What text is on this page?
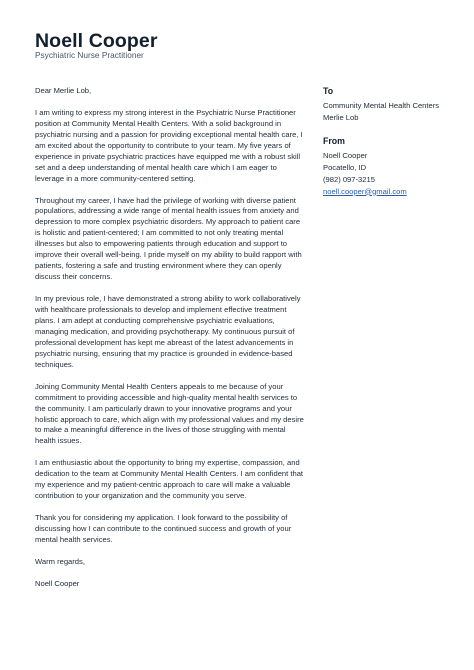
Noell Cooper
Psychiatric Nurse Practitioner

Dear Merlie Lob,

I am writing to express my strong interest in the Psychiatric Nurse Practitioner position at Community Mental Health Centers. With a solid background in psychiatric nursing and a passion for providing exceptional mental health care, I am excited about the opportunity to contribute to your team. My five years of experience in private psychiatric practices have equipped me with a robust skill set and a deep understanding of mental health care which I am eager to leverage in a more community-centered setting.

Throughout my career, I have had the privilege of working with diverse patient populations, addressing a wide range of mental health issues from anxiety and depression to more complex psychiatric disorders. My approach to patient care is holistic and patient-centered; I am committed to not only treating mental illnesses but also to empowering patients through education and support to improve their overall well-being. I pride myself on my ability to build rapport with patients, fostering a safe and trusting environment where they can openly discuss their concerns.

In my previous role, I have demonstrated a strong ability to work collaboratively with healthcare professionals to develop and implement effective treatment plans. I am adept at conducting comprehensive psychiatric evaluations, managing medication, and providing psychotherapy. My continuous pursuit of professional development has kept me abreast of the latest advancements in psychiatric nursing, ensuring that my practice is grounded in evidence-based techniques.

Joining Community Mental Health Centers appeals to me because of your commitment to providing accessible and high-quality mental health services to the community. I am particularly drawn to your innovative programs and your holistic approach to care, which align with my professional values and my desire to make a meaningful difference in the lives of those struggling with mental health issues.

I am enthusiastic about the opportunity to bring my expertise, compassion, and dedication to the team at Community Mental Health Centers. I am confident that my experience and my patient-centric approach to care will make a valuable contribution to your organization and the community you serve.

Thank you for considering my application. I look forward to the possibility of discussing how I can contribute to the continued success and growth of your mental health services.

Warm regards,

Noell Cooper

To
Community Mental Health Centers
Merlie Lob
From
Noell Cooper
Pocatello, ID
(982) 097-3215
noell.cooper@gmail.com
